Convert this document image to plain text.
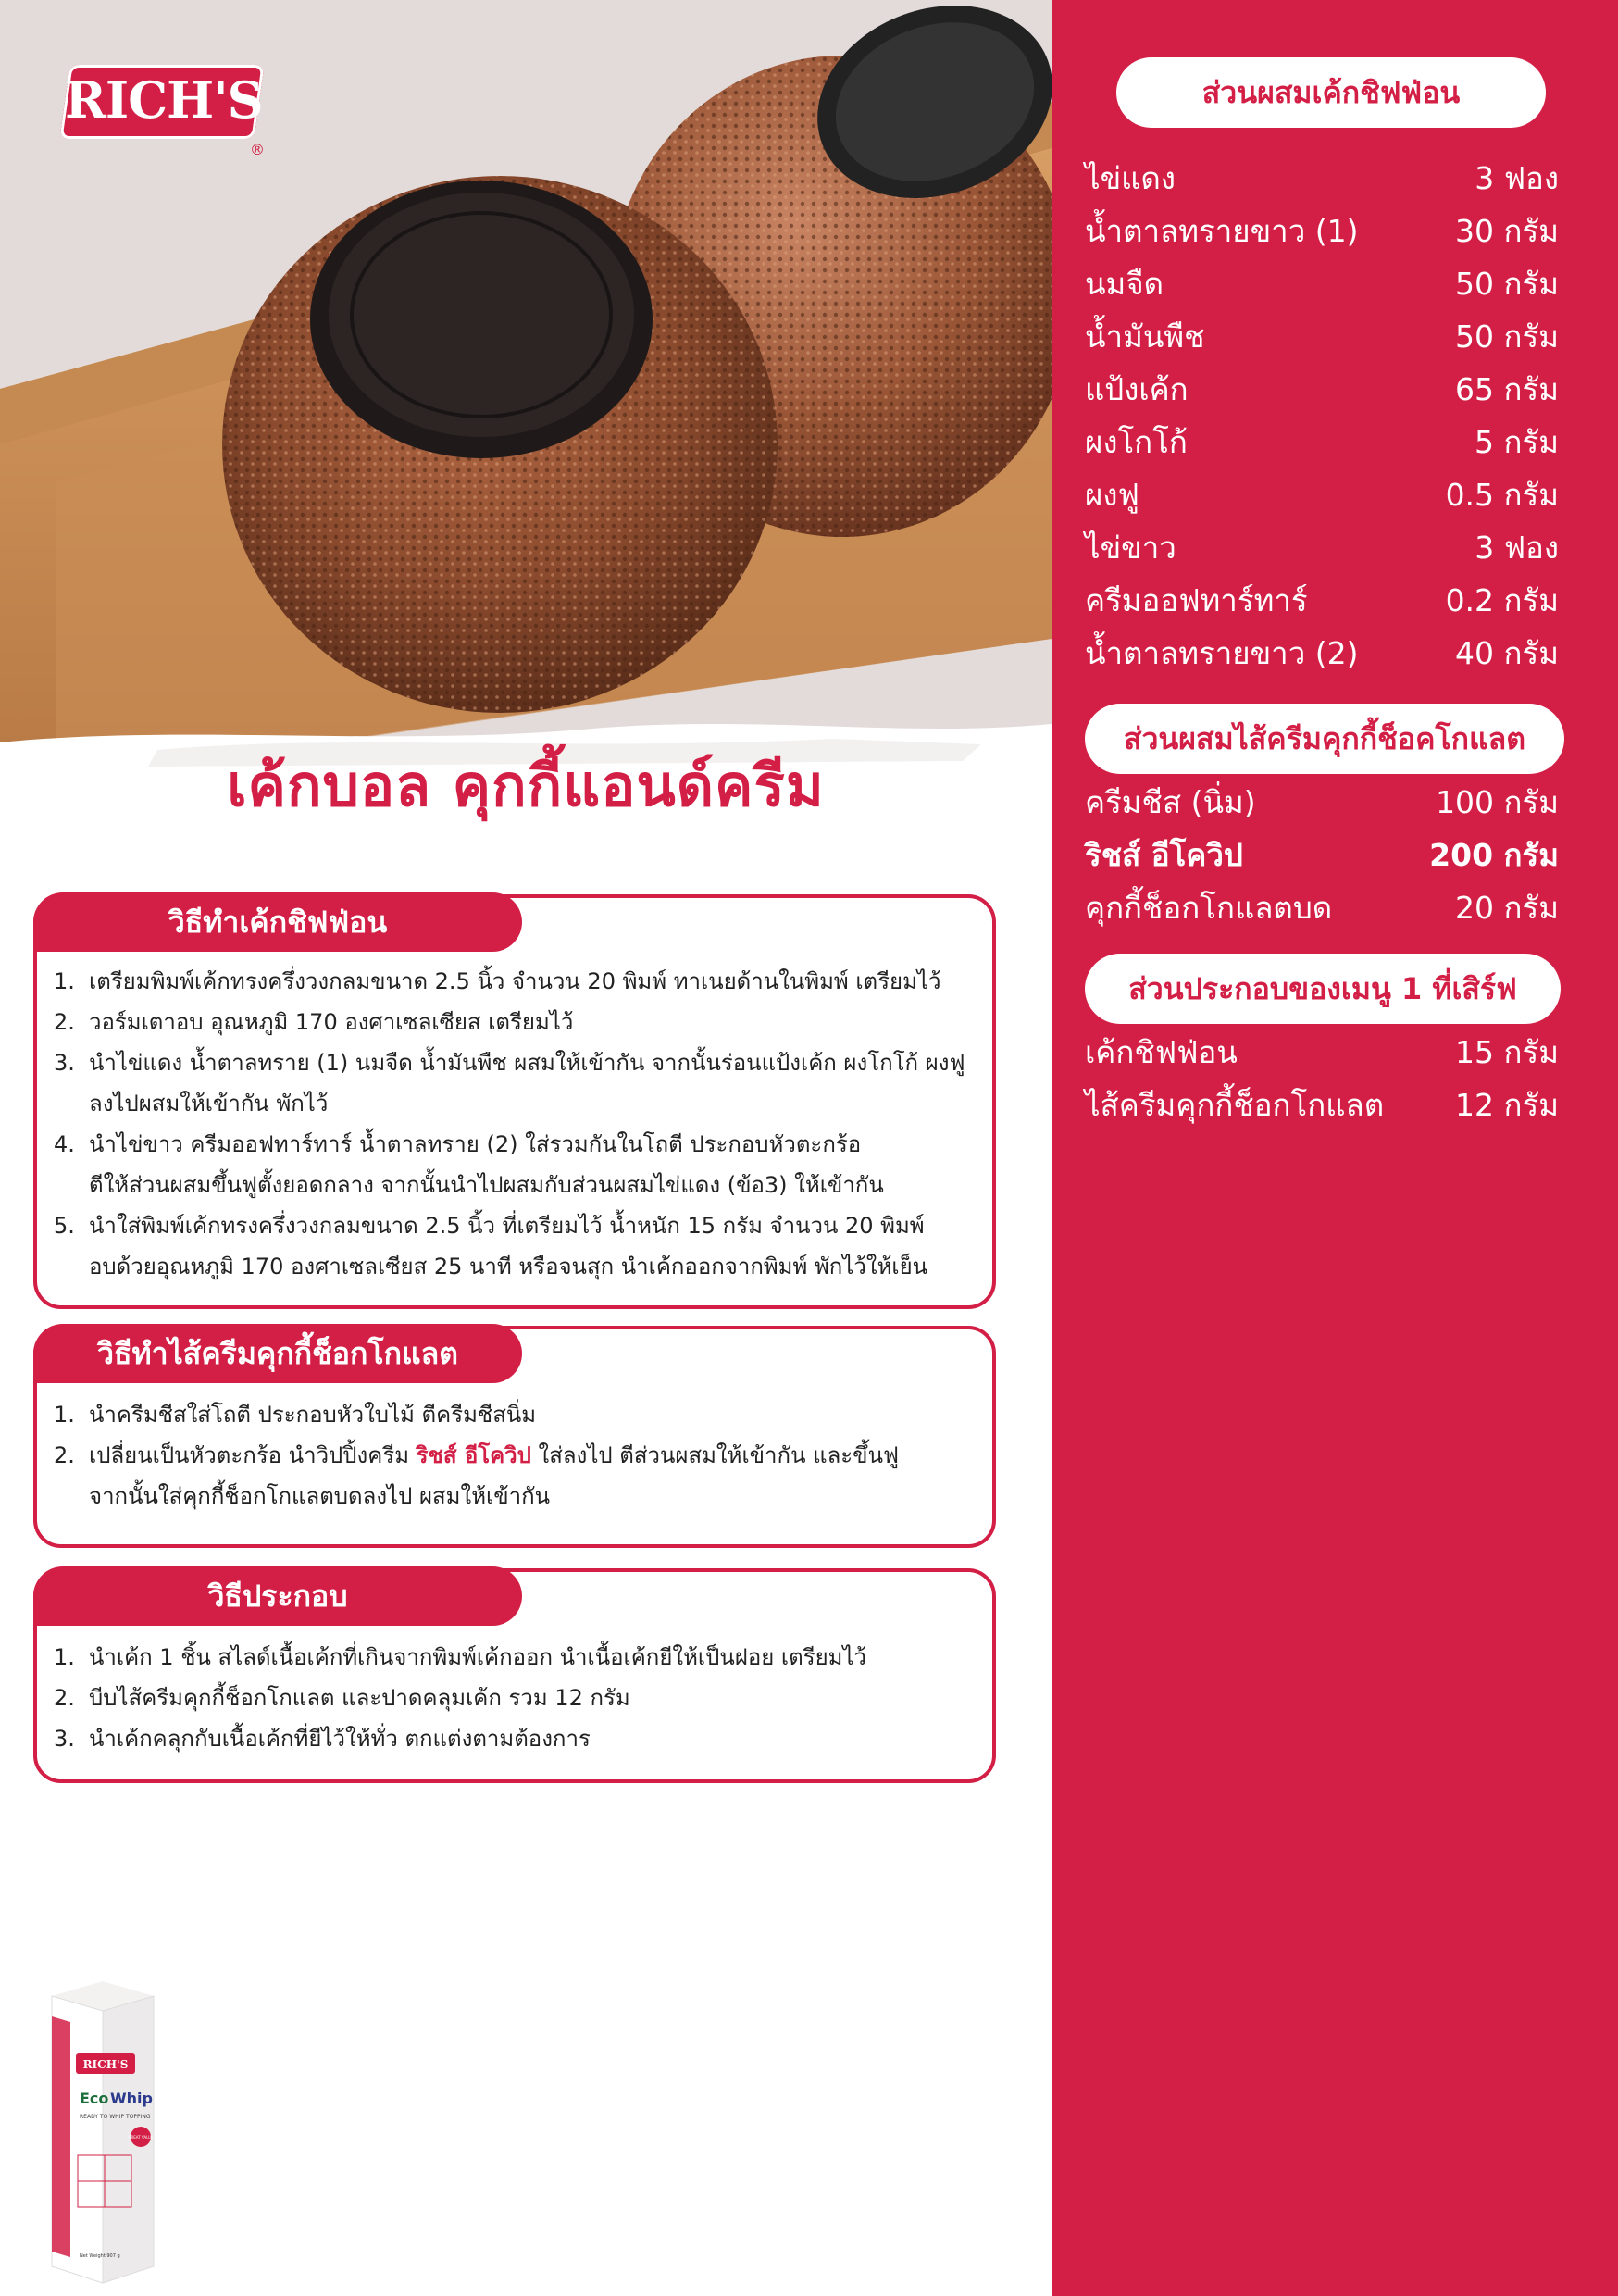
เค้กบอล คุกกี้แอนด์ครีม
RICH'S
®
ส่วนผสมเค้กชิฟฟ่อน
ไข่แดง	3 ฟอง
น้ำตาลทรายขาว (1)	30 กรัม
นมจืด	50 กรัม
น้ำมันพืช	50 กรัม
แป้งเค้ก	65 กรัม
ผงโกโก้	5 กรัม
ผงฟู	0.5 กรัม
ไข่ขาว	3 ฟอง
ครีมออฟทาร์ทาร์	0.2 กรัม
น้ำตาลทรายขาว (2)	40 กรัม
ส่วนผสมไส้ครีมคุกกี้ช็อคโกแลต
ครีมชีส (นิ่ม)	100 กรัม
ริชส์ อีโควิป	200 กรัม
คุกกี้ช็อกโกแลตบด	20 กรัม
ส่วนประกอบของเมนู 1 ที่เสิร์ฟ
เค้กชิฟฟ่อน	15 กรัม
ไส้ครีมคุกกี้ช็อกโกแลต 12 กรัม
วิธีทำเค้กชิฟฟ่อน
1. เตรียมพิมพ์เค้กทรงครึ่งวงกลมขนาด 2.5 นิ้ว จำนวน 20 พิมพ์ ทาเนยด้านในพิมพ์ เตรียมไว้
2. วอร์มเตาอบ อุณหภูมิ 170 องศาเซลเซียส เตรียมไว้
3. นำไข่แดง น้ำตาลทราย (1) นมจืด น้ำมันพืช ผสมให้เข้ากัน จากนั้นร่อนแป้งเค้ก ผงโกโก้ ผงฟู
ลงไปผสมให้เข้ากัน พักไว้
4. นำไข่ขาว ครีมออฟทาร์ทาร์ น้ำตาลทราย (2) ใส่รวมกันในโถตี ประกอบหัวตะกร้อ
ตีให้ส่วนผสมขึ้นฟูตั้งยอดกลาง จากนั้นนำไปผสมกับส่วนผสมไข่แดง (ข้อ3) ให้เข้ากัน
5. นำใส่พิมพ์เค้กทรงครึ่งวงกลมขนาด 2.5 นิ้ว ที่เตรียมไว้ น้ำหนัก 15 กรัม จำนวน 20 พิมพ์
อบด้วยอุณหภูมิ 170 องศาเซลเซียส 25 นาที หรือจนสุก นำเค้กออกจากพิมพ์ พักไว้ให้เย็น
วิธีทำไส้ครีมคุกกี้ช็อกโกแลต
1. นำครีมชีสใส่โถตี ประกอบหัวใบไม้ ตีครีมชีสนิ่ม
2. เปลี่ยนเป็นหัวตะกร้อ นำวิปปิ้งครีม ริชส์ อีโควิป ใส่ลงไป ตีส่วนผสมให้เข้ากัน และขึ้นฟู
จากนั้นใส่คุกกี้ช็อกโกแลตบดลงไป ผสมให้เข้ากัน
วิธีประกอบ
1. นำเค้ก 1 ชิ้น สไลด์เนื้อเค้กที่เกินจากพิมพ์เค้กออก นำเนื้อเค้กยีให้เป็นฝอย เตรียมไว้
2. บีบไส้ครีมคุกกี้ช็อกโกแลต และปาดคลุมเค้ก รวม 12 กรัม
3. นำเค้กคลุกกับเนื้อเค้กที่ยีไว้ให้ทั่ว ตกแต่งตามต้องการ
RICH'S
Eco Whip
READY TO WHIP TOPPING
GREAT VALUE
Net Weight 907 g
